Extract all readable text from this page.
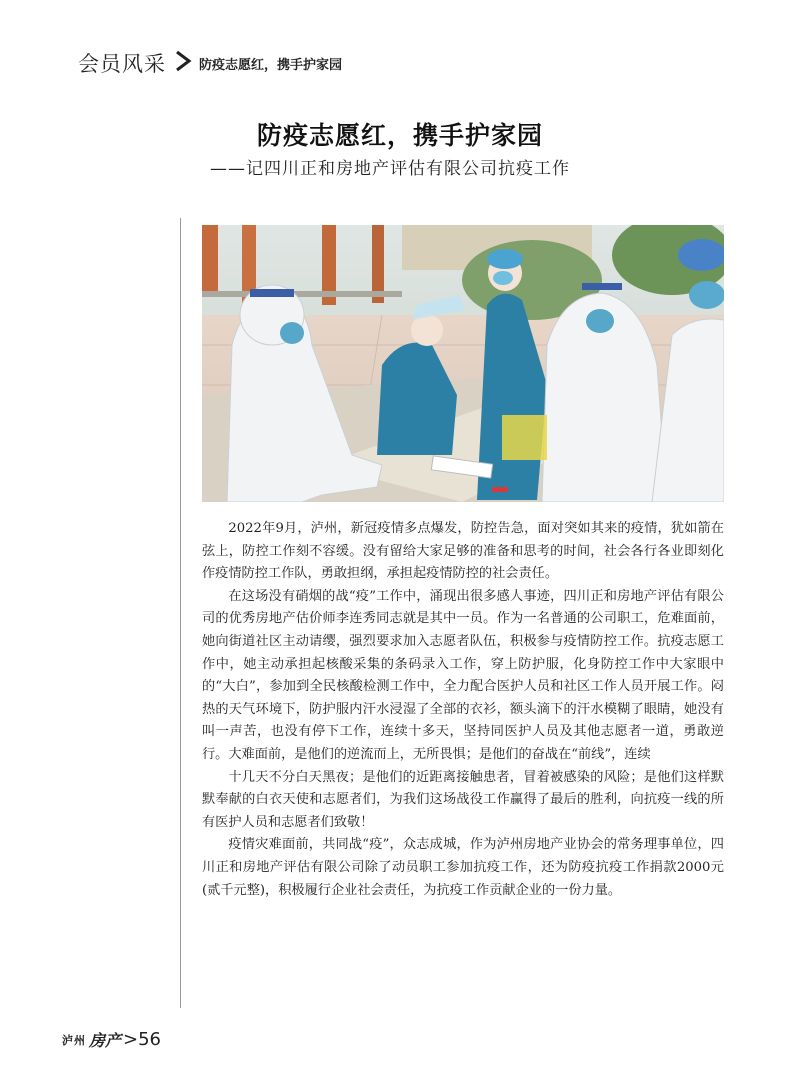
会员风采	防疫志愿红，携手护家园
防疫志愿红，携手护家园
——记四川正和房地产评估有限公司抗疫工作

2022年9月，泸州，新冠疫情多点爆发，防控告急，面对突如其来的疫情，犹如箭在弦上，防控工作刻不容缓。没有留给大家足够的准备和思考的时间，社会各行各业即刻化作疫情防控工作队，勇敢担纲，承担起疫情防控的社会责任。

在这场没有硝烟的战“疫”工作中，涌现出很多感人事迹，四川正和房地产评估有限公司的优秀房地产估价师李连秀同志就是其中一员。作为一名普通的公司职工，危难面前，她向街道社区主动请缨，强烈要求加入志愿者队伍，积极参与疫情防控工作。抗疫志愿工作中，她主动承担起核酸采集的条码录入工作，穿上防护服，化身防控工作中大家眼中的“大白”，参加到全民核酸检测工作中，全力配合医护人员和社区工作人员开展工作。闷热的天气环境下，防护服内汗水浸湿了全部的衣衫，额头滴下的汗水模糊了眼睛，她没有叫一声苦，也没有停下工作，连续十多天，坚持同医护人员及其他志愿者一道，勇敢逆行。大难面前，是他们的逆流而上，无所畏惧；是他们的奋战在“前线”，连续

十几天不分白天黑夜；是他们的近距离接触患者，冒着被感染的风险；是他们这样默默奉献的白衣天使和志愿者们，为我们这场战役工作赢得了最后的胜利，向抗疫一线的所有医护人员和志愿者们致敬！

疫情灾难面前，共同战“疫”，众志成城，作为泸州房地产业协会的常务理事单位，四川正和房地产评估有限公司除了动员职工参加抗疫工作，还为防疫抗疫工作捐款2000元(贰千元整)，积极履行企业社会责任，为抗疫工作贡献企业的一份力量。

泸州 房产 >56
